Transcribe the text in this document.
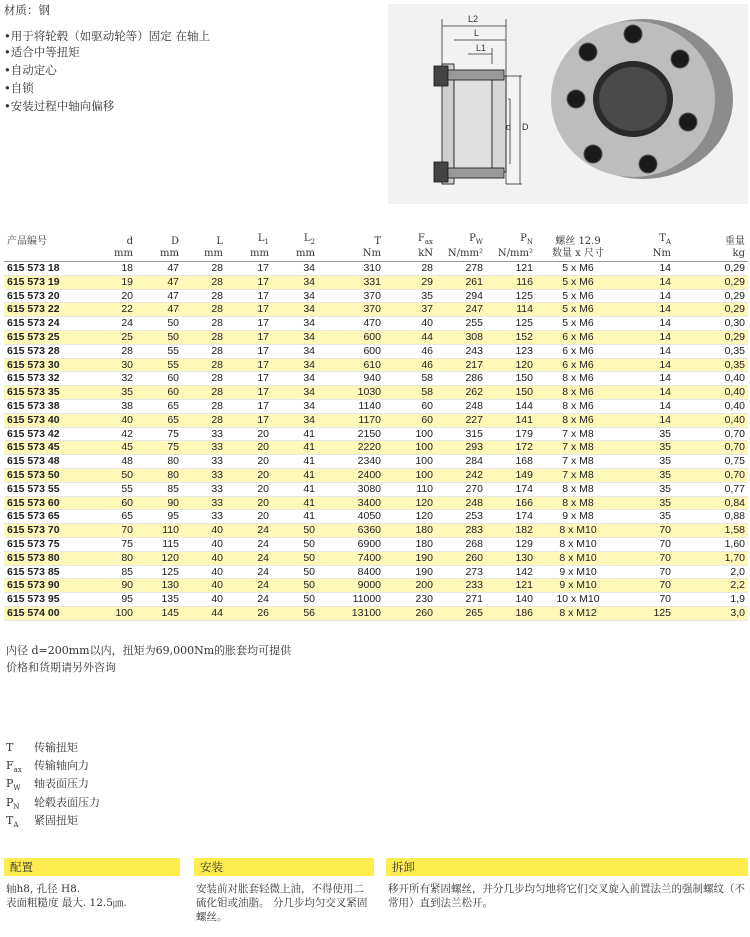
材质：钢
• 用于将轮毂（如驱动轮等）固定 在轴上
• 适合中等扭矩
• 自动定心
• 自锁
• 安装过程中轴向偏移
L2
L
L1
d D
产品编号	d	D	L	$L_1$	$L_2$	T	$F_{ax}$	$P_W$	$P_N$	螺丝 12.9	$T_A$	重量
	mm	mm	mm	mm	mm	Nm	kN	N/mm²	N/mm²	数量 x 尺寸	Nm	kg
615 573 18	18	47	28	17	34	310	28	278	121	5 x M6	14	0,29
615 573 19	19	47	28	17	34	331	29	261	116	5 x M6	14	0,29
615 573 20	20	47	28	17	34	370	35	294	125	5 x M6	14	0,29
615 573 22	22	47	28	17	34	370	37	247	114	5 x M6	14	0,29
615 573 24	24	50	28	17	34	470	40	255	125	5 x M6	14	0,30
615 573 25	25	50	28	17	34	600	44	308	152	6 x M6	14	0,29
615 573 28	28	55	28	17	34	600	46	243	123	6 x M6	14	0,35
615 573 30	30	55	28	17	34	610	46	217	120	6 x M6	14	0,35
615 573 32	32	60	28	17	34	940	58	286	150	8 x M6	14	0,40
615 573 35	35	60	28	17	34	1030	58	262	150	8 x M6	14	0,40
615 573 38	38	65	28	17	34	1140	60	248	144	8 x M6	14	0,40
615 573 40	40	65	28	17	34	1170	60	227	141	8 x M6	14	0,40
615 573 42	42	75	33	20	41	2150	100	315	179	7 x M8	35	0,70
615 573 45	45	75	33	20	41	2220	100	293	172	7 x M8	35	0,70
615 573 48	48	80	33	20	41	2340	100	284	168	7 x M8	35	0,75
615 573 50	50	80	33	20	41	2400	100	242	149	7 x M8	35	0,70
615 573 55	55	85	33	20	41	3080	110	270	174	8 x M8	35	0,77
615 573 60	60	90	33	20	41	3400	120	248	166	8 x M8	35	0,84
615 573 65	65	95	33	20	41	4050	120	253	174	9 x M8	35	0,88
615 573 70	70	110	40	24	50	6360	180	283	182	8 x M10	70	1,58
615 573 75	75	115	40	24	50	6900	180	268	129	8 x M10	70	1,60
615 573 80	80	120	40	24	50	7400	190	260	130	8 x M10	70	1,70
615 573 85	85	125	40	24	50	8400	190	273	142	9 x M10	70	2,0
615 573 90	90	130	40	24	50	9000	200	233	121	9 x M10	70	2,2
615 573 95	95	135	40	24	50	11000	230	271	140	10 x M10	70	1,9
615 574 00	100	145	44	26	56	13100	260	265	186	8 x M12	125	3,0
内径 d=200mm以内，扭矩为69,000Nm的胀套均可提供
价格和货期请另外咨询
T	传输扭矩
$F_{ax}$	传输轴向力
$P_W$	轴表面压力
$P_N$	轮毂表面压力
$T_A$	紧固扭矩
配置
轴h8, 孔径 H8.
表面粗糙度 最大. 12.5㎛.
安装
安装前对胀套轻微上油，不得使用二硫化钼或油脂。 分几步均匀交叉紧固螺丝。
拆卸
移开所有紧固螺丝，并分几步均匀地将它们交叉旋入前置法兰的强制螺纹（不常用）直到法兰松开。
